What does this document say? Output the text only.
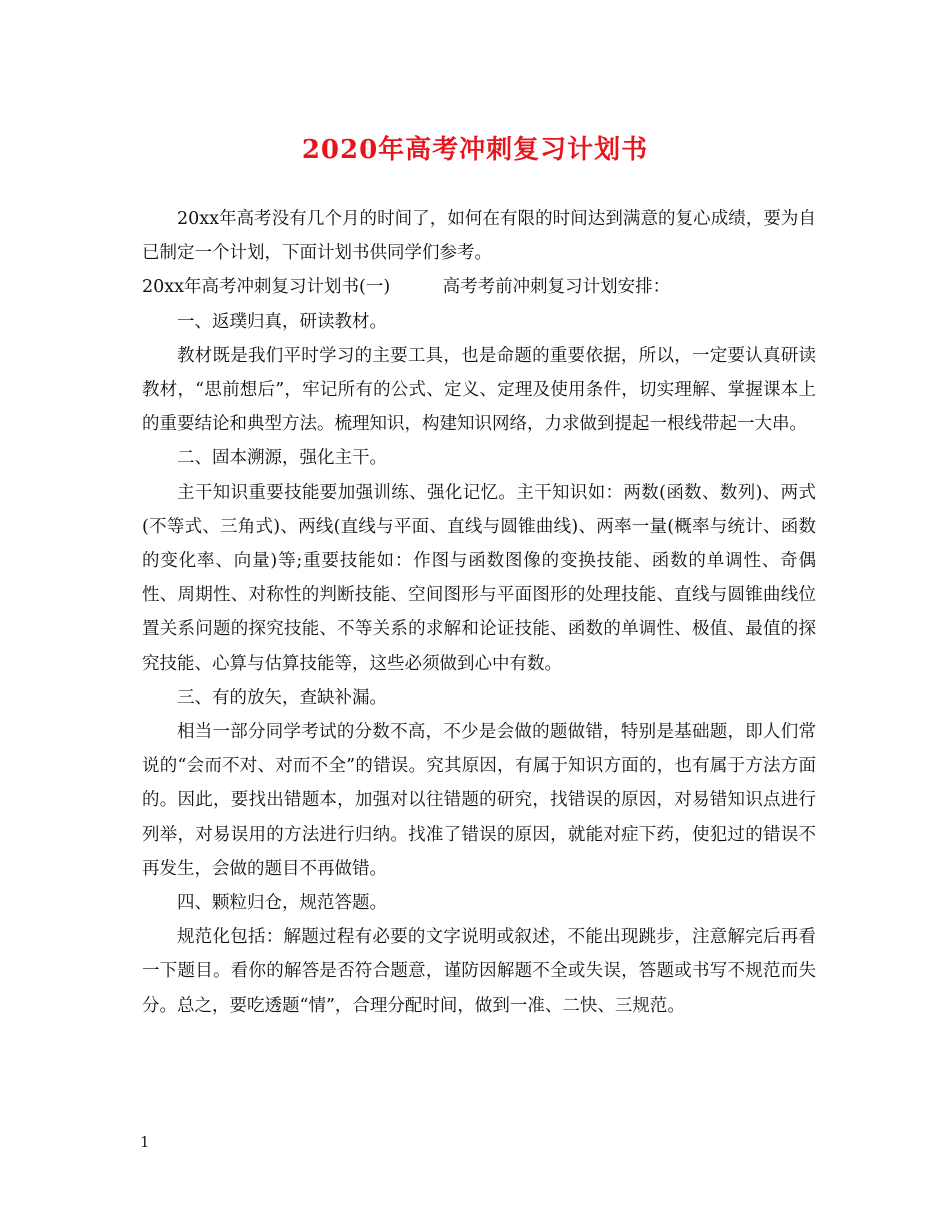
2020年高考冲刺复习计划书

20xx年高考没有几个月的时间了，如何在有限的时间达到满意的复心成绩，要为自已制定一个计划，下面计划书供同学们参考。

20xx年高考冲刺复习计划书(一)　　　高考考前冲刺复习计划安排：

一、返璞归真，研读教材。

教材既是我们平时学习的主要工具，也是命题的重要依据，所以，一定要认真研读教材，“思前想后”，牢记所有的公式、定义、定理及使用条件，切实理解、掌握课本上的重要结论和典型方法。梳理知识，构建知识网络，力求做到提起一根线带起一大串。

二、固本溯源，强化主干。

主干知识重要技能要加强训练、强化记忆。主干知识如：两数(函数、数列)、两式(不等式、三角式)、两线(直线与平面、直线与圆锥曲线)、两率一量(概率与统计、函数的变化率、向量)等;重要技能如：作图与函数图像的变换技能、函数的单调性、奇偶性、周期性、对称性的判断技能、空间图形与平面图形的处理技能、直线与圆锥曲线位置关系问题的探究技能、不等关系的求解和论证技能、函数的单调性、极值、最值的探究技能、心算与估算技能等，这些必须做到心中有数。

三、有的放矢，查缺补漏。

相当一部分同学考试的分数不高，不少是会做的题做错，特别是基础题，即人们常说的“会而不对、对而不全”的错误。究其原因，有属于知识方面的，也有属于方法方面的。因此，要找出错题本，加强对以往错题的研究，找错误的原因，对易错知识点进行列举，对易误用的方法进行归纳。找准了错误的原因，就能对症下药，使犯过的错误不再发生，会做的题目不再做错。

四、颗粒归仓，规范答题。

规范化包括：解题过程有必要的文字说明或叙述，不能出现跳步，注意解完后再看一下题目。看你的解答是否符合题意，谨防因解题不全或失误，答题或书写不规范而失分。总之，要吃透题“情”，合理分配时间，做到一准、二快、三规范。

1
